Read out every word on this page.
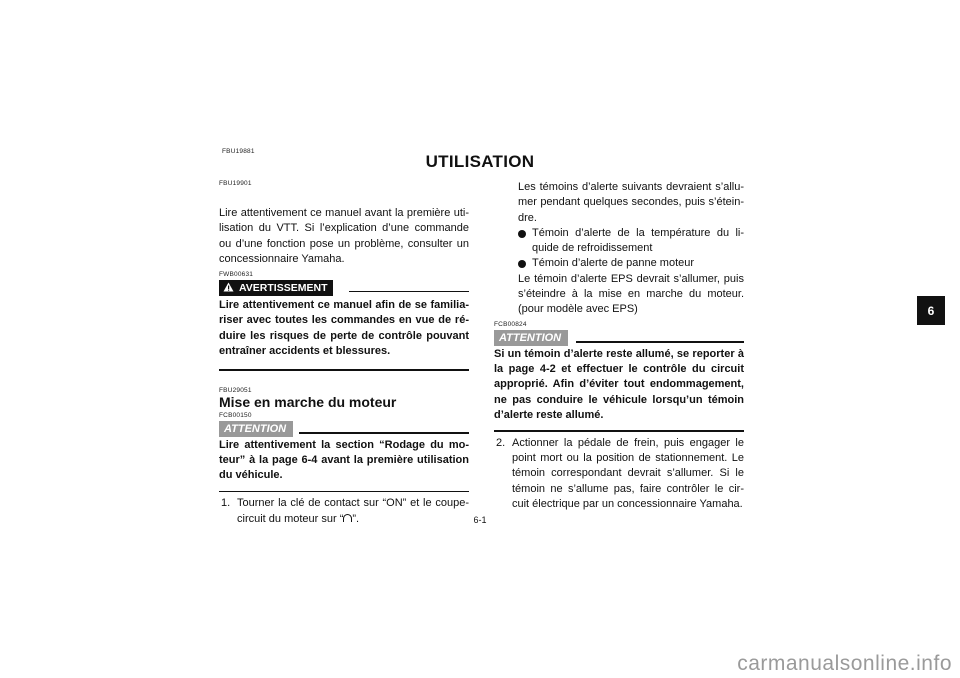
FBU19881
UTILISATION
FBU19901

Lire attentivement ce manuel avant la première uti-lisation du VTT. Si l’explication d’une commande ou d’une fonction pose un problème, consulter un concessionnaire Yamaha.

FWB00631
AVERTISSEMENT

Lire attentivement ce manuel afin de se familia-riser avec toutes les commandes en vue de ré-duire les risques de perte de contrôle pouvant entraîner accidents et blessures.

FBU29051

Mise en marche du moteur

FCB00150
ATTENTION

Lire attentivement la section “Rodage du mo-teur” à la page 6-4 avant la première utilisation du véhicule.

1. Tourner la clé de contact sur “ON” et le coupe-circuit du moteur sur “ ”.

Les témoins d’alerte suivants devraient s’allu-mer pendant quelques secondes, puis s’étein-dre.

Témoin d’alerte de la température du li-quide de refroidissement
Témoin d’alerte de panne moteur

Le témoin d’alerte EPS devrait s’allumer, puis s’éteindre à la mise en marche du moteur. (pour modèle avec EPS)

FCB00824
ATTENTION

Si un témoin d’alerte reste allumé, se reporter à la page 4-2 et effectuer le contrôle du circuit approprié. Afin d’éviter tout endommagement, ne pas conduire le véhicule lorsqu’un témoin d’alerte reste allumé.

2. Actionner la pédale de frein, puis engager le point mort ou la position de stationnement. Le témoin correspondant devrait s’allumer. Si le témoin ne s’allume pas, faire contrôler le cir-cuit électrique par un concessionnaire Yamaha.
6
6-1
carmanualsonline.info
